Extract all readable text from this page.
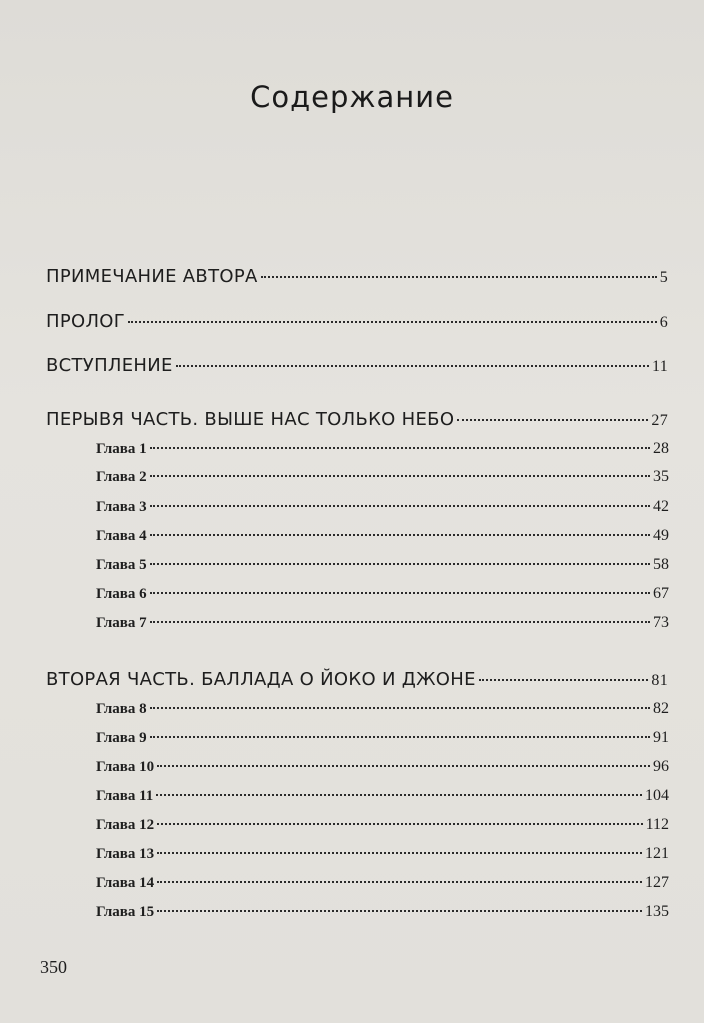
Содержание
ПРИМЕЧАНИЕ АВТОРА	5
ПРОЛОГ	6
ВСТУПЛЕНИЕ	11
ПЕРЫВЯ ЧАСТЬ. ВЫШЕ НАС ТОЛЬКО НЕБО	27
Глава 1	28
Глава 2	35
Глава 3	42
Глава 4	49
Глава 5	58
Глава 6	67
Глава 7	73
ВТОРАЯ ЧАСТЬ. БАЛЛАДА О ЙОКО И ДЖОНЕ	81
Глава 8	82
Глава 9	91
Глава 10	96
Глава 11	104
Глава 12	112
Глава 13	121
Глава 14	127
Глава 15	135
350
